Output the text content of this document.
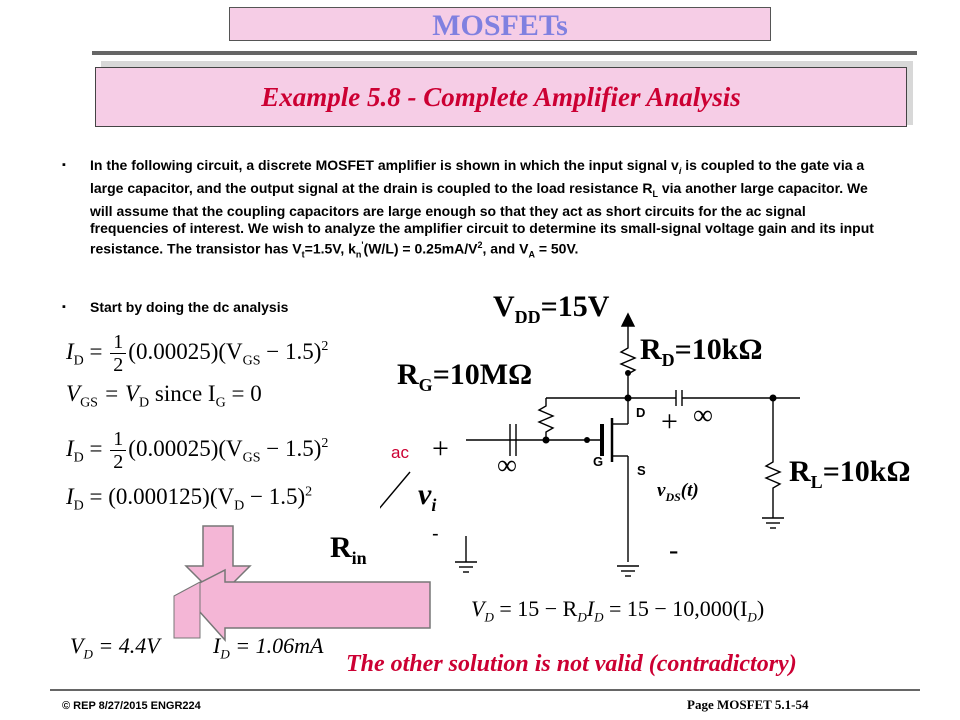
MOSFETs
Example 5.8 - Complete Amplifier Analysis
▪ In the following circuit, a discrete MOSFET amplifier is shown in which the input signal $v_i$ is coupled to the gate via a large capacitor, and the output signal at the drain is coupled to the load resistance $R_L$ via another large capacitor. We will assume that the coupling capacitors are large enough so that they act as short circuits for the ac signal frequencies of interest. We wish to analyze the amplifier circuit to determine its small-signal voltage gain and its input resistance. The transistor has $V_t=1.5V$, $k_n'(W/L) = 0.25mA/V^2$, and $V_A = 50V$.
▪ Start by doing the dc analysis
$I_D = \frac{1}{2} (0.00025)(V_{GS} - 1.5)^2$
$V_{GS} = V_D$ since $I_G = 0$
$I_D = \frac{1}{2} (0.00025)(V_{GS} - 1.5)^2$
$I_D = (0.000125)(V_D - 1.5)^2$
$V_{DD}=15V$
$R_D=10k\Omega$
$R_G=10M\Omega$
$R_L=10k\Omega$
$R_{in}$
$v_i$
$v_{DS}(t)$
ac +
-
+
-
∞
∞
D
G
S
$V_D = 15 - R_DI_D = 15 - 10,000(I_D)$
$V_D = 4.4V$ $I_D = 1.06mA$
The other solution is not valid (contradictory)
© REP 8/27/2015 ENGR224	Page MOSFET 5.1-54
